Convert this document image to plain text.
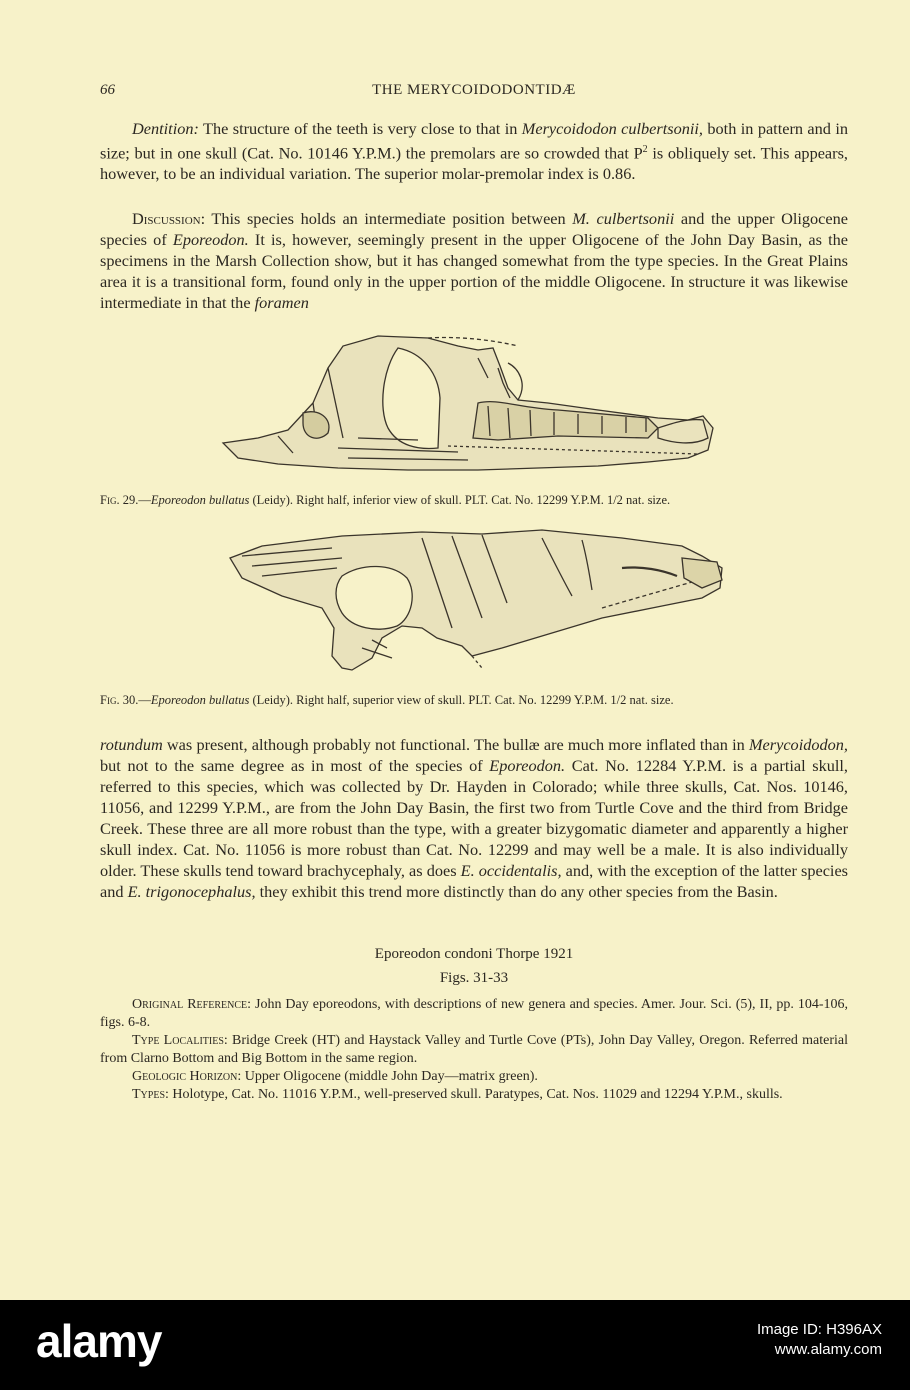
66	THE MERYCOIDODONTIDÆ

Dentition: The structure of the teeth is very close to that in Merycoidodon culbertsonii, both in pattern and in size; but in one skull (Cat. No. 10146 Y.P.M.) the premolars are so crowded that $P^2$ is obliquely set. This appears, however, to be an individual variation. The superior molar-premolar index is 0.86.

Discussion: This species holds an intermediate position between M. culbertsonii and the upper Oligocene species of Eporeodon. It is, however, seemingly present in the upper Oligocene of the John Day Basin, as the specimens in the Marsh Collection show, but it has changed somewhat from the type species. In the Great Plains area it is a transitional form, found only in the upper portion of the middle Oligocene. In structure it was likewise intermediate in that the foramen

Fig. 29.—Eporeodon bullatus (Leidy). Right half, inferior view of skull. PLT. Cat. No. 12299 Y.P.M. 1/2 nat. size.

Fig. 30.—Eporeodon bullatus (Leidy). Right half, superior view of skull. PLT. Cat. No. 12299 Y.P.M. 1/2 nat. size.

rotundum was present, although probably not functional. The bullæ are much more inflated than in Merycoidodon, but not to the same degree as in most of the species of Eporeodon. Cat. No. 12284 Y.P.M. is a partial skull, referred to this species, which was collected by Dr. Hayden in Colorado; while three skulls, Cat. Nos. 10146, 11056, and 12299 Y.P.M., are from the John Day Basin, the first two from Turtle Cove and the third from Bridge Creek. These three are all more robust than the type, with a greater bizygomatic diameter and apparently a higher skull index. Cat. No. 11056 is more robust than Cat. No. 12299 and may well be a male. It is also individually older. These skulls tend toward brachycephaly, as does E. occidentalis, and, with the exception of the latter species and E. trigonocephalus, they exhibit this trend more distinctly than do any other species from the Basin.

Eporeodon condoni Thorpe 1921

Figs. 31-33

Original Reference: John Day eporeodons, with descriptions of new genera and species. Amer. Jour. Sci. (5), II, pp. 104-106, figs. 6-8.

Type Localities: Bridge Creek (HT) and Haystack Valley and Turtle Cove (PTs), John Day Valley, Oregon. Referred material from Clarno Bottom and Big Bottom in the same region.

Geologic Horizon: Upper Oligocene (middle John Day—matrix green).

Types: Holotype, Cat. No. 11016 Y.P.M., well-preserved skull. Paratypes, Cat. Nos. 11029 and 12294 Y.P.M., skulls.

alamy	Image ID: H396AX
www.alamy.com
